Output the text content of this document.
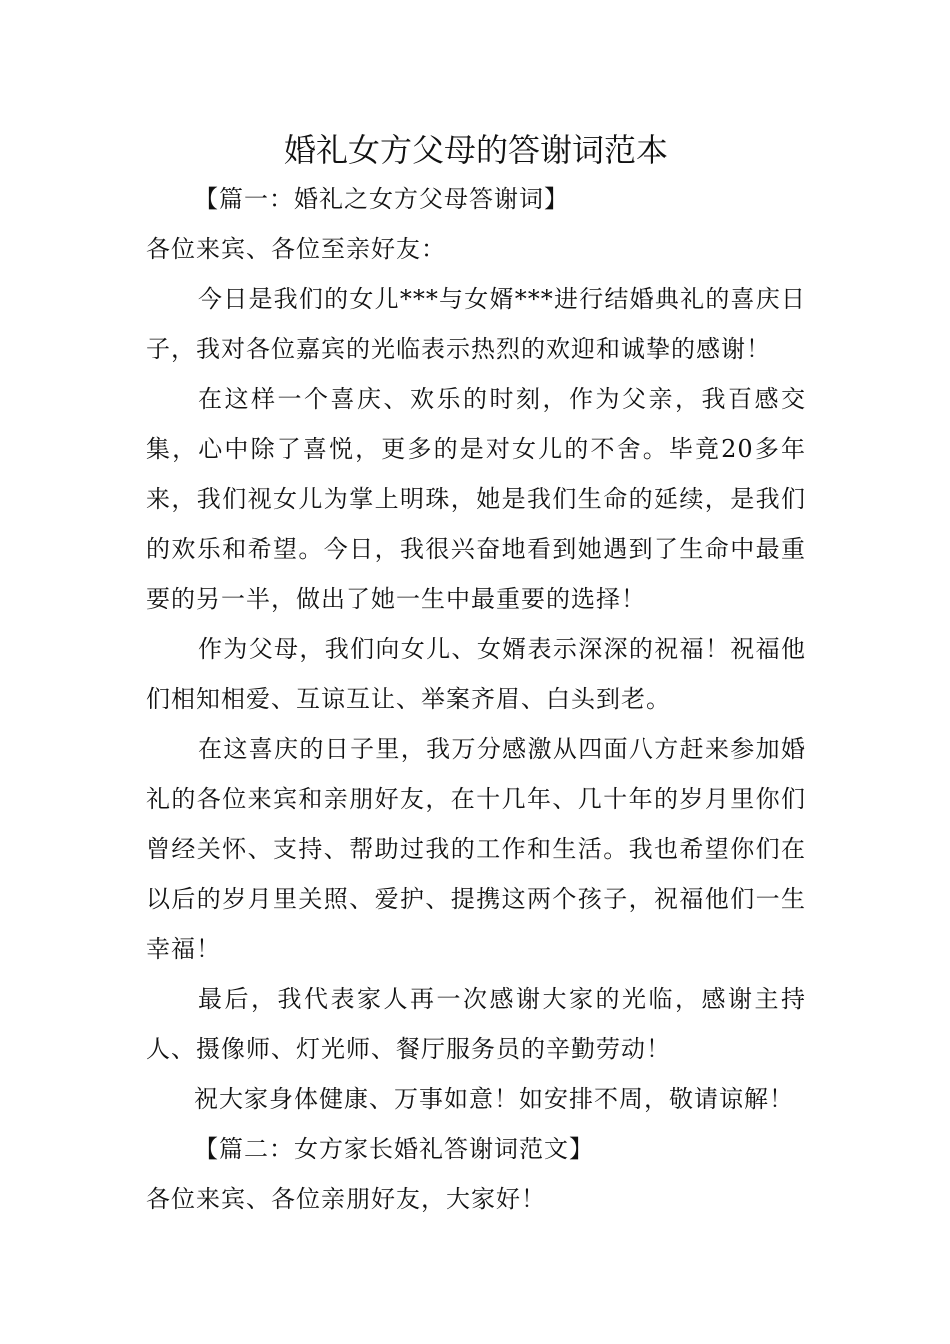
婚礼女方父母的答谢词范本

【篇一：婚礼之女方父母答谢词】

各位来宾、各位至亲好友：

今日是我们的女儿***与女婿***进行结婚典礼的喜庆日子，我对各位嘉宾的光临表示热烈的欢迎和诚挚的感谢！

在这样一个喜庆、欢乐的时刻，作为父亲，我百感交集，心中除了喜悦，更多的是对女儿的不舍。毕竟20多年来，我们视女儿为掌上明珠，她是我们生命的延续，是我们的欢乐和希望。今日，我很兴奋地看到她遇到了生命中最重要的另一半，做出了她一生中最重要的选择！

作为父母，我们向女儿、女婿表示深深的祝福！祝福他们相知相爱、互谅互让、举案齐眉、白头到老。

在这喜庆的日子里，我万分感激从四面八方赶来参加婚礼的各位来宾和亲朋好友，在十几年、几十年的岁月里你们曾经关怀、支持、帮助过我的工作和生活。我也希望你们在以后的岁月里关照、爱护、提携这两个孩子，祝福他们一生幸福！

最后，我代表家人再一次感谢大家的光临，感谢主持人、摄像师、灯光师、餐厅服务员的辛勤劳动！

祝大家身体健康、万事如意！如安排不周，敬请谅解！

【篇二：女方家长婚礼答谢词范文】

各位来宾、各位亲朋好友，大家好！
